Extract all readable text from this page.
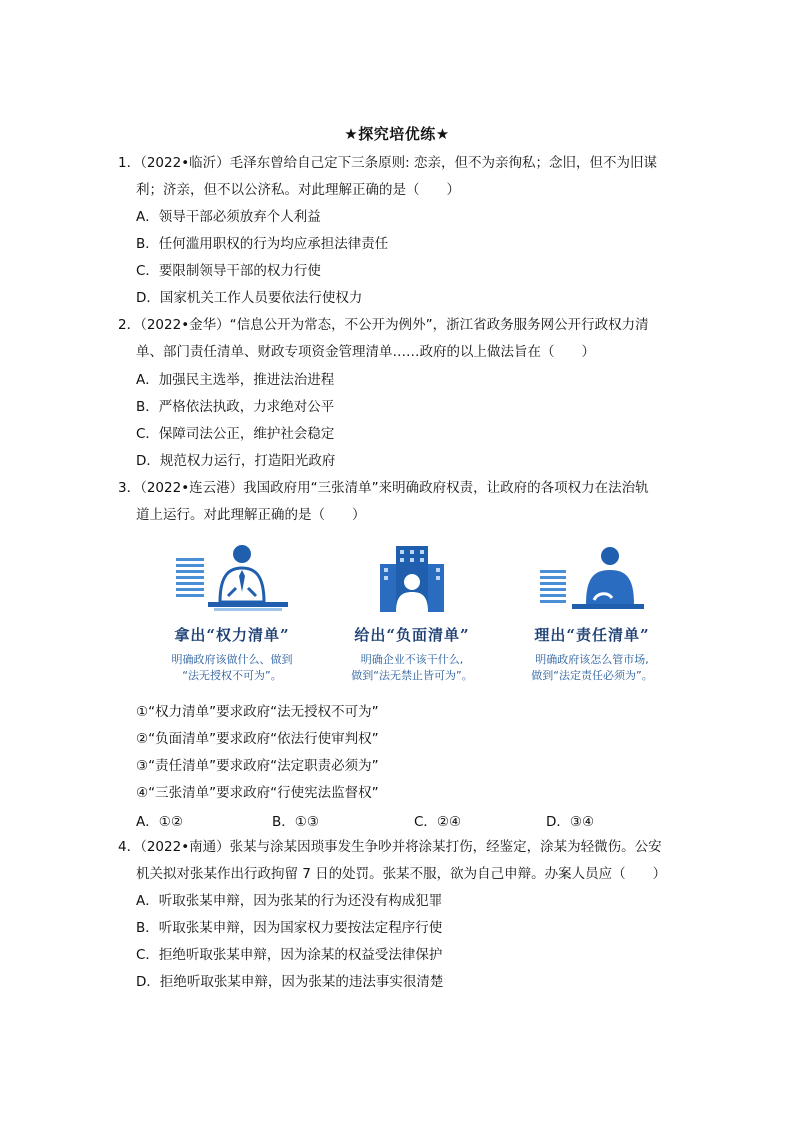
★探究培优练★
1．（2022•临沂）毛泽东曾给自己定下三条原则: 恋亲，但不为亲徇私；念旧，但不为旧谋
利；济亲，但不以公济私。对此理解正确的是（　　）
A．领导干部必须放弃个人利益
B．任何滥用职权的行为均应承担法律责任
C．要限制领导干部的权力行使
D．国家机关工作人员要依法行使权力
2．（2022•金华）“信息公开为常态，不公开为例外”，浙江省政务服务网公开行政权力清
单、部门责任清单、财政专项资金管理清单……政府的以上做法旨在（　　）
A．加强民主选举，推进法治进程
B．严格依法执政，力求绝对公平
C．保障司法公正，维护社会稳定
D．规范权力运行，打造阳光政府
3．（2022•连云港）我国政府用“三张清单”来明确政府权责，让政府的各项权力在法治轨
道上运行。对此理解正确的是（　　）
拿出“权力清单”
明确政府该做什么、做到
“法无授权不可为”。
给出“负面清单”
明确企业不该干什么,
做到“法无禁止皆可为”。
理出“责任清单”
明确政府该怎么管市场,
做到“法定责任必须为”。
①“权力清单”要求政府“法无授权不可为”
②“负面清单”要求政府“依法行使审判权”
③“责任清单”要求政府“法定职责必须为”
④“三张清单”要求政府“行使宪法监督权”
A．①②	B．①③	C．②④	D．③④
4．（2022•南通）张某与涂某因琐事发生争吵并将涂某打伤，经鉴定，涂某为轻微伤。公安
机关拟对张某作出行政拘留 7 日的处罚。张某不服，欲为自己申辩。办案人员应（　　）
A．听取张某申辩，因为张某的行为还没有构成犯罪
B．听取张某申辩，因为国家权力要按法定程序行使
C．拒绝听取张某申辩，因为涂某的权益受法律保护
D．拒绝听取张某申辩，因为张某的违法事实很清楚
